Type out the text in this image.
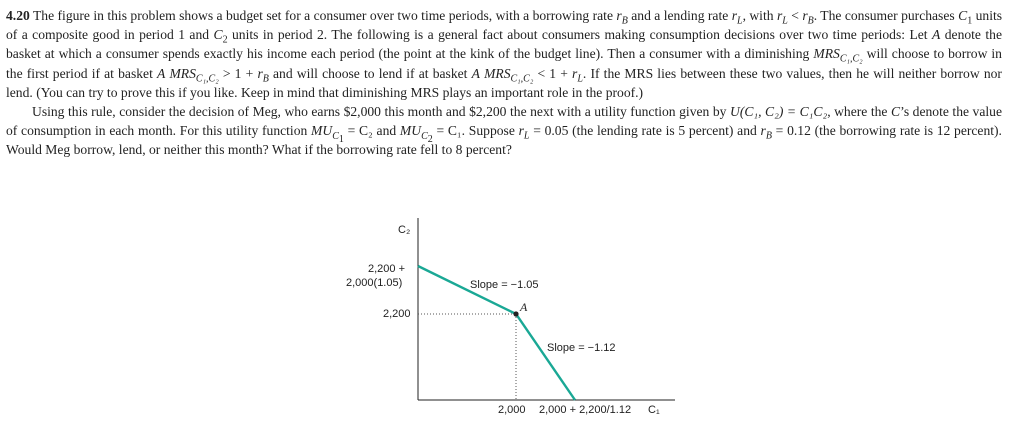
4.20 The figure in this problem shows a budget set for a consumer over two time periods, with a borrowing rate $r_B$ and a lending rate $r_L$, with $r_L < r_B$. The consumer purchases $C_1$ units of a composite good in period 1 and $C_2$ units in period 2. The following is a general fact about consumers making consumption decisions over two time periods: Let A denote the basket at which a consumer spends exactly his income each period (the point at the kink of the budget line). Then a consumer with a diminishing $MRS_{C_1,C_2}$ will choose to borrow in the first period if at basket A $MRS_{C_1,C_2} > 1 + r_B$ and will choose to lend if at basket A $MRS_{C_1,C_2} < 1 + r_L$. If the MRS lies between these two values, then he will neither borrow nor lend. (You can try to prove this if you like. Keep in mind that diminishing MRS plays an important role in the proof.)

Using this rule, consider the decision of Meg, who earns $2,000 this month and $2,200 the next with a utility function given by U(C₁, C₂) = C₁C₂, where the C’s denote the value of consumption in each month. For this utility function $MU_{C_1} = C_2$ and $MU_{C_2} = C_1$. Suppose $r_L = 0.05$ (the lending rate is 5 percent) and $r_B = 0.12$ (the borrowing rate is 12 percent). Would Meg borrow, lend, or neither this month? What if the borrowing rate fell to 8 percent?

C₂
2,200 +
2,000(1.05)
2,200
Slope = −1.05
A
Slope = −1.12
2,000 2,000 + 2,200/1.12 C₁
